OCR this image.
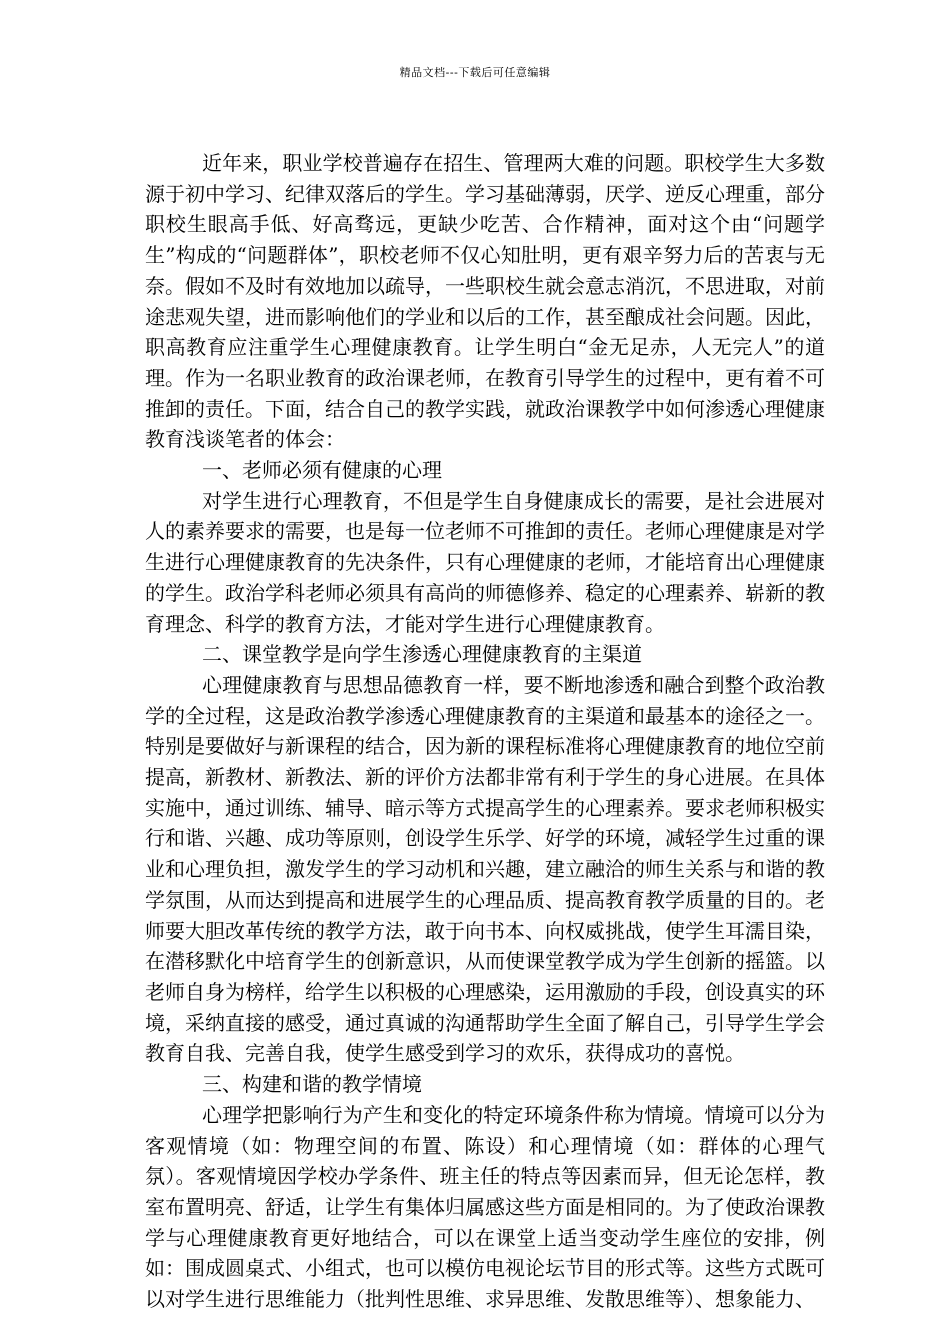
精品文档---下载后可任意编辑

近年来，职业学校普遍存在招生、管理两大难的问题。职校学生大多数源于初中学习、纪律双落后的学生。学习基础薄弱，厌学、逆反心理重，部分职校生眼高手低、好高骛远，更缺少吃苦、合作精神，面对这个由“问题学生”构成的“问题群体”，职校老师不仅心知肚明，更有艰辛努力后的苦衷与无奈。假如不及时有效地加以疏导，一些职校生就会意志消沉，不思进取，对前途悲观失望，进而影响他们的学业和以后的工作，甚至酿成社会问题。因此，职高教育应注重学生心理健康教育。让学生明白“金无足赤，人无完人”的道理。作为一名职业教育的政治课老师，在教育引导学生的过程中，更有着不可推卸的责任。下面，结合自己的教学实践，就政治课教学中如何渗透心理健康教育浅谈笔者的体会：

一、老师必须有健康的心理

对学生进行心理教育，不但是学生自身健康成长的需要，是社会进展对人的素养要求的需要，也是每一位老师不可推卸的责任。老师心理健康是对学生进行心理健康教育的先决条件，只有心理健康的老师，才能培育出心理健康的学生。政治学科老师必须具有高尚的师德修养、稳定的心理素养、崭新的教育理念、科学的教育方法，才能对学生进行心理健康教育。

二、课堂教学是向学生渗透心理健康教育的主渠道

心理健康教育与思想品德教育一样，要不断地渗透和融合到整个政治教学的全过程，这是政治教学渗透心理健康教育的主渠道和最基本的途径之一。特别是要做好与新课程的结合，因为新的课程标准将心理健康教育的地位空前提高，新教材、新教法、新的评价方法都非常有利于学生的身心进展。在具体实施中，通过训练、辅导、暗示等方式提高学生的心理素养。要求老师积极实行和谐、兴趣、成功等原则，创设学生乐学、好学的环境，减轻学生过重的课业和心理负担，激发学生的学习动机和兴趣，建立融洽的师生关系与和谐的教学氛围，从而达到提高和进展学生的心理品质、提高教育教学质量的目的。老师要大胆改革传统的教学方法，敢于向书本、向权威挑战，使学生耳濡目染，在潜移默化中培育学生的创新意识，从而使课堂教学成为学生创新的摇篮。以老师自身为榜样，给学生以积极的心理感染，运用激励的手段，创设真实的环境，采纳直接的感受，通过真诚的沟通帮助学生全面了解自己，引导学生学会教育自我、完善自我，使学生感受到学习的欢乐，获得成功的喜悦。

三、构建和谐的教学情境

心理学把影响行为产生和变化的特定环境条件称为情境。情境可以分为客观情境（如：物理空间的布置、陈设）和心理情境（如：群体的心理气氛）。客观情境因学校办学条件、班主任的特点等因素而异，但无论怎样，教室布置明亮、舒适，让学生有集体归属感这些方面是相同的。为了使政治课教学与心理健康教育更好地结合，可以在课堂上适当变动学生座位的安排，例如：围成圆桌式、小组式，也可以模仿电视论坛节目的形式等。这些方式既可以对学生进行思维能力（批判性思维、求异思维、发散思维等）、想象能力、
